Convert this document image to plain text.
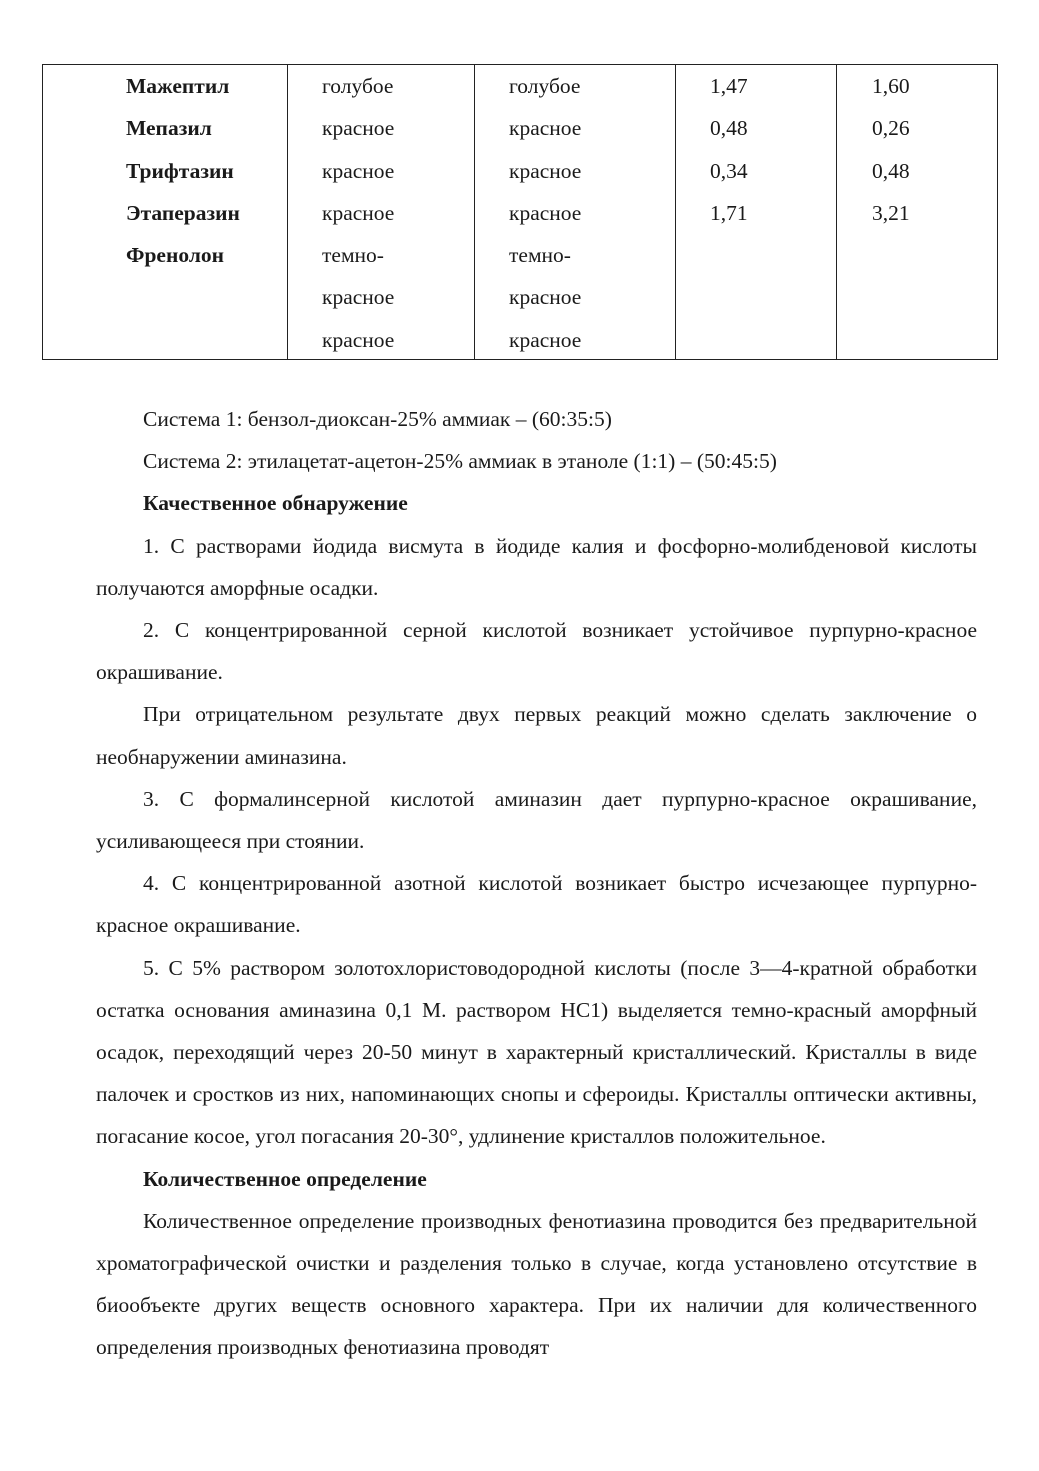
Мажептил
Мепазил
Трифтазин
Этаперазин
Френолон
голубое
красное
красное
красное
темно-
красное
красное
голубое
красное
красное
красное
темно-
красное
красное
1,47
0,48
0,34
1,71
1,60
0,26
0,48
3,21

Система 1: бензол-диоксан-25% аммиак – (60:35:5)

Система 2: этилацетат-ацетон-25% аммиак в этаноле (1:1) – (50:45:5)

Качественное обнаружение

1. С растворами йодида висмута в йодиде калия и фосфорно-молибденовой кислоты получаются аморфные осадки.

2. С концентрированной серной кислотой возникает устойчивое пурпурно-красное окрашивание.

При отрицательном результате двух первых реакций можно сделать заключение о необнаружении аминазина.

3. С формалинсерной кислотой аминазин дает пурпурно-красное окрашивание, усиливающееся при стоянии.

4. С концентрированной азотной кислотой возникает быстро исчезающее пурпурно-красное окрашивание.

5. С 5% раствором золотохлористоводородной кислоты (после 3—4-кратной обработки остатка основания аминазина 0,1 М. раствором НС1) выделяется темно-красный аморфный осадок, переходящий через 20-50 минут в характерный кристаллический. Кристаллы в виде палочек и сростков из них, напоминающих снопы и сфероиды. Кристаллы оптически активны, погасание косое, угол погасания 20-30°, удлинение кристаллов положительное.

Количественное определение

Количественное определение производных фенотиазина проводится без предварительной хроматографической очистки и разделения только в случае, когда установлено отсутствие в биообъекте других веществ основного характера. При их наличии для количественного определения производных фенотиазина проводят
